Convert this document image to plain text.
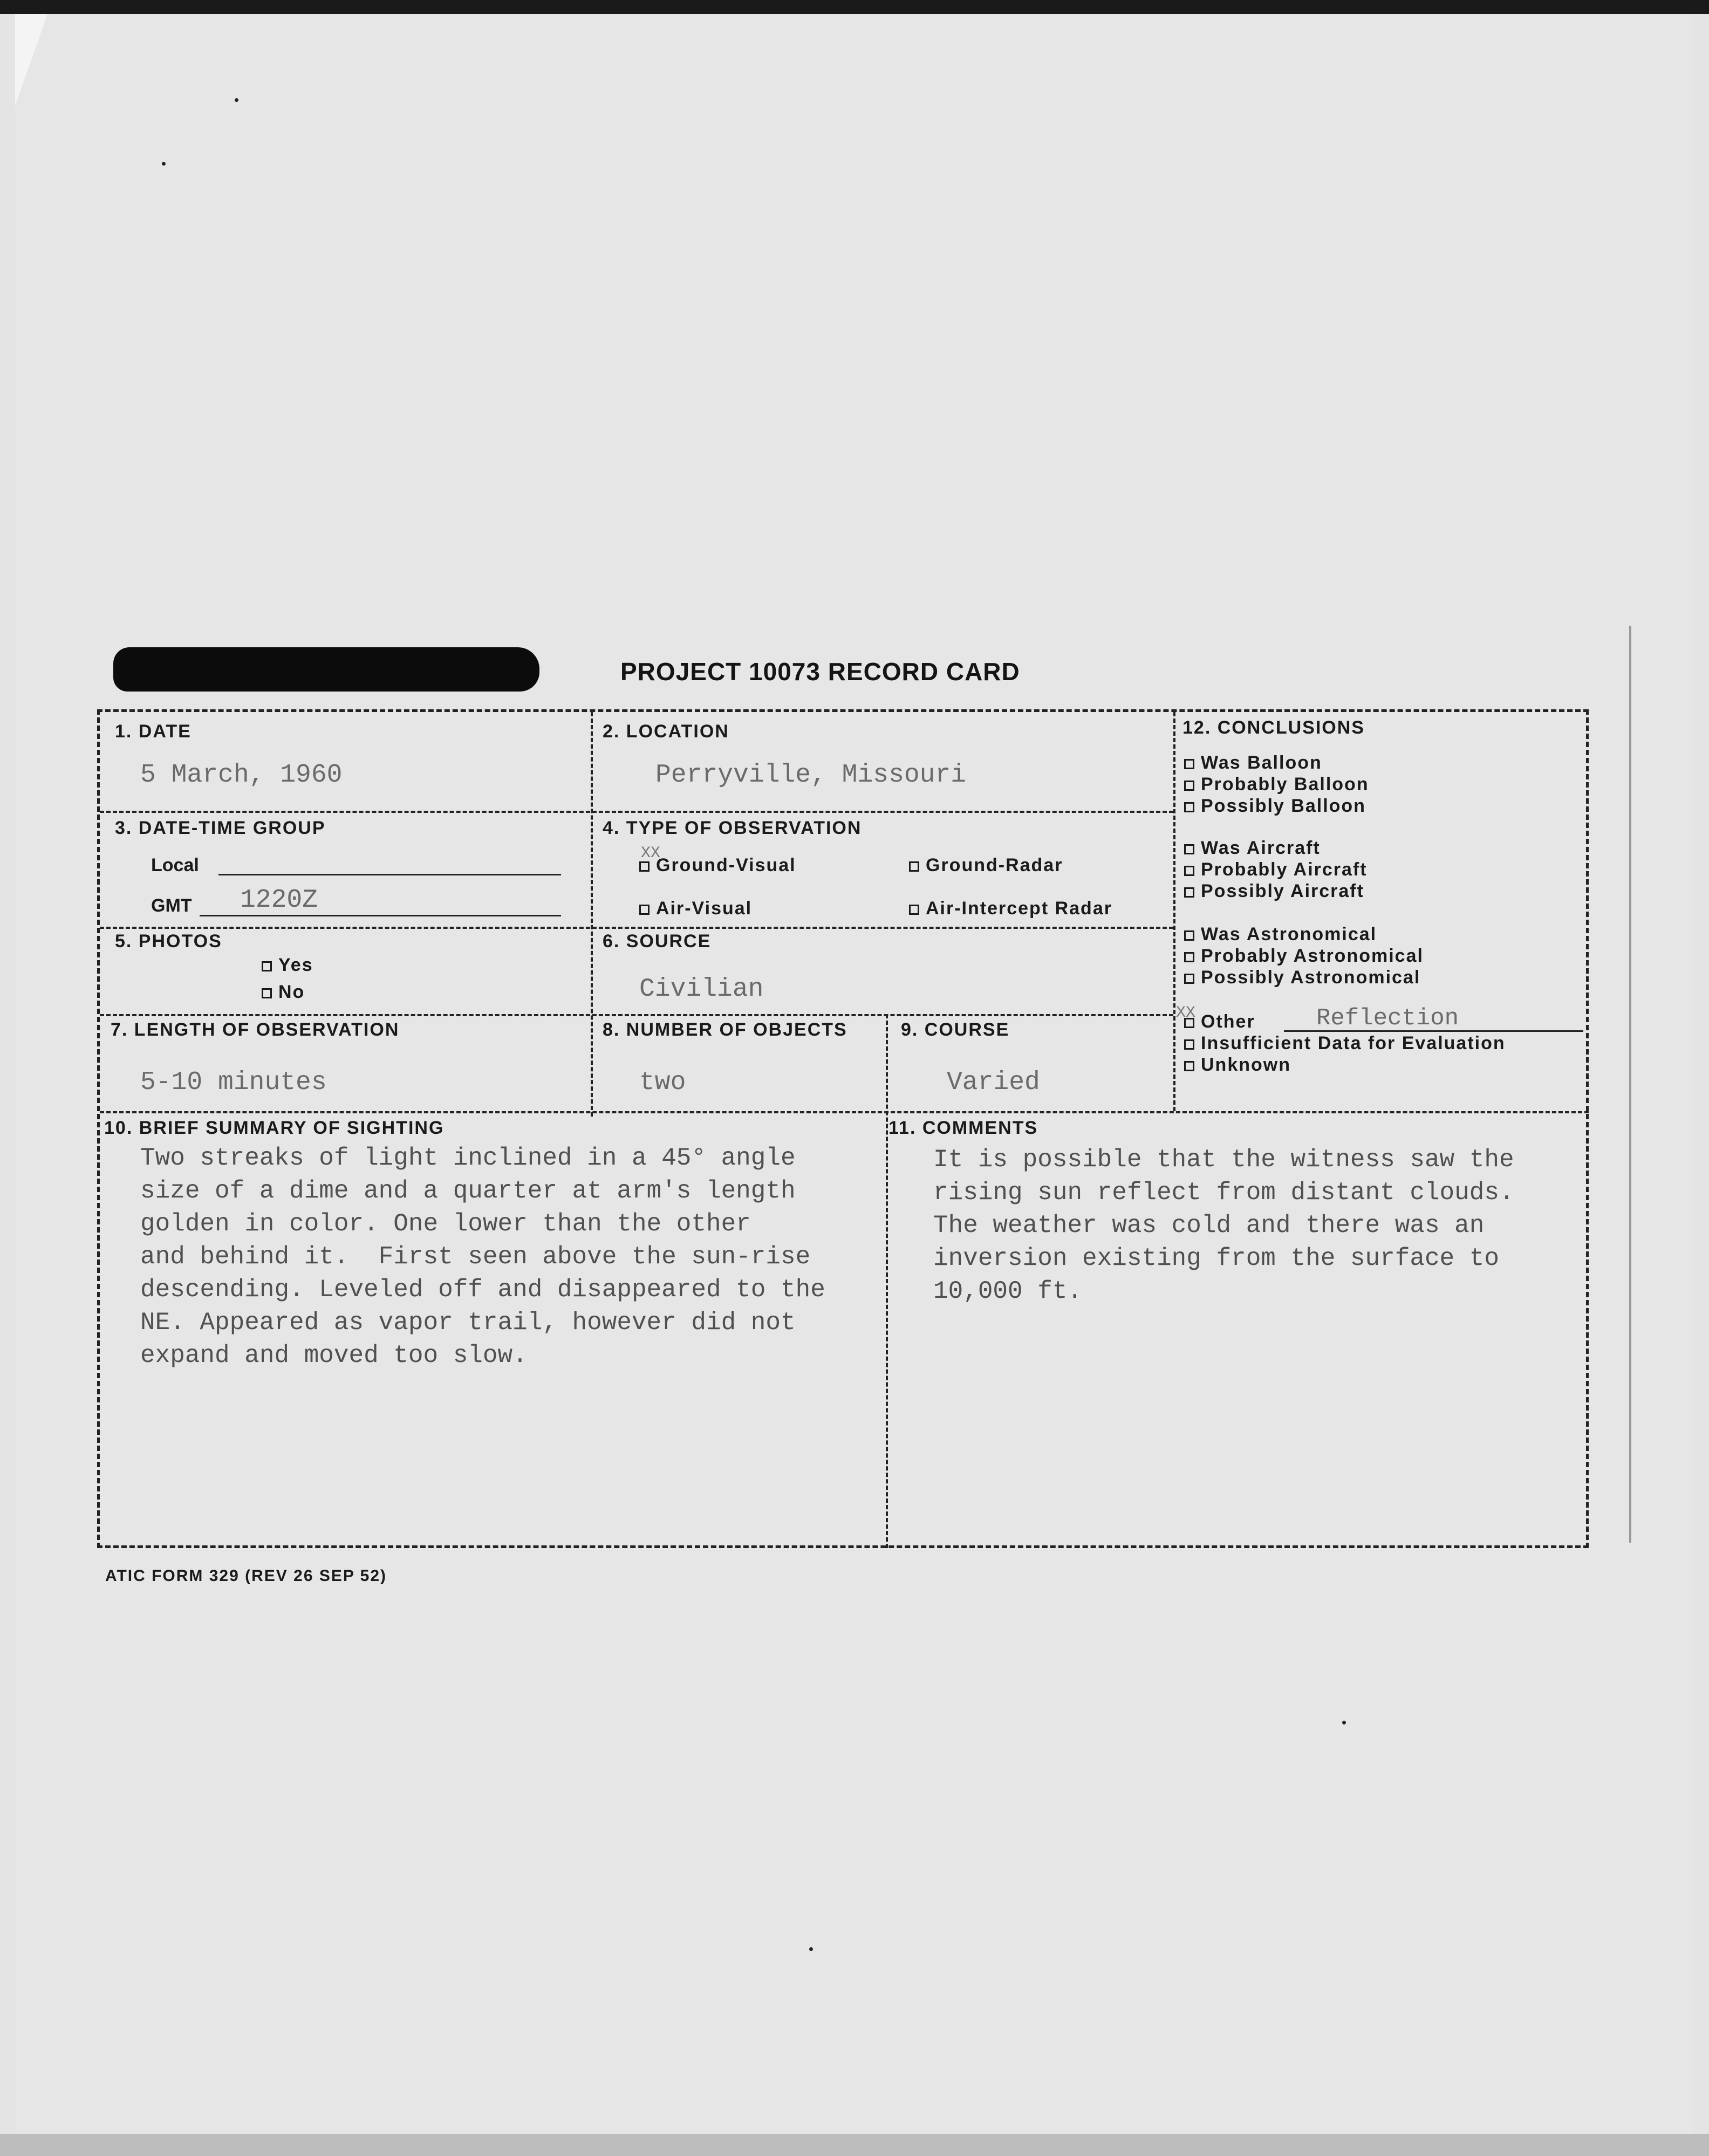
PROJECT 10073 RECORD CARD
1. DATE
5 March, 1960
2. LOCATION
Perryville, Missouri
3. DATE-TIME GROUP
Local
GMT 1220Z
4. TYPE OF OBSERVATION
XX
Ground-Visual	Ground-Radar
Air-Visual	Air-Intercept Radar
5. PHOTOS
Yes
No
6. SOURCE
Civilian
7. LENGTH OF OBSERVATION
5-10 minutes
8. NUMBER OF OBJECTS
two
9. COURSE
Varied
10. BRIEF SUMMARY OF SIGHTING
Two streaks of light inclined in a 45° angle
size of a dime and a quarter at arm's length
golden in color. One lower than the other
and behind it.  First seen above the sun-rise
descending. Leveled off and disappeared to the
NE. Appeared as vapor trail, however did not
expand and moved too slow.
11. COMMENTS
It is possible that the witness saw the
rising sun reflect from distant clouds.
The weather was cold and there was an
inversion existing from the surface to
10,000 ft.
12. CONCLUSIONS
Was Balloon
Probably Balloon
Possibly Balloon
Was Aircraft
Probably Aircraft
Possibly Aircraft
Was Astronomical
Probably Astronomical
Possibly Astronomical
XX Other	Reflection
Insufficient Data for Evaluation
Unknown
ATIC FORM 329 (REV 26 SEP 52)
